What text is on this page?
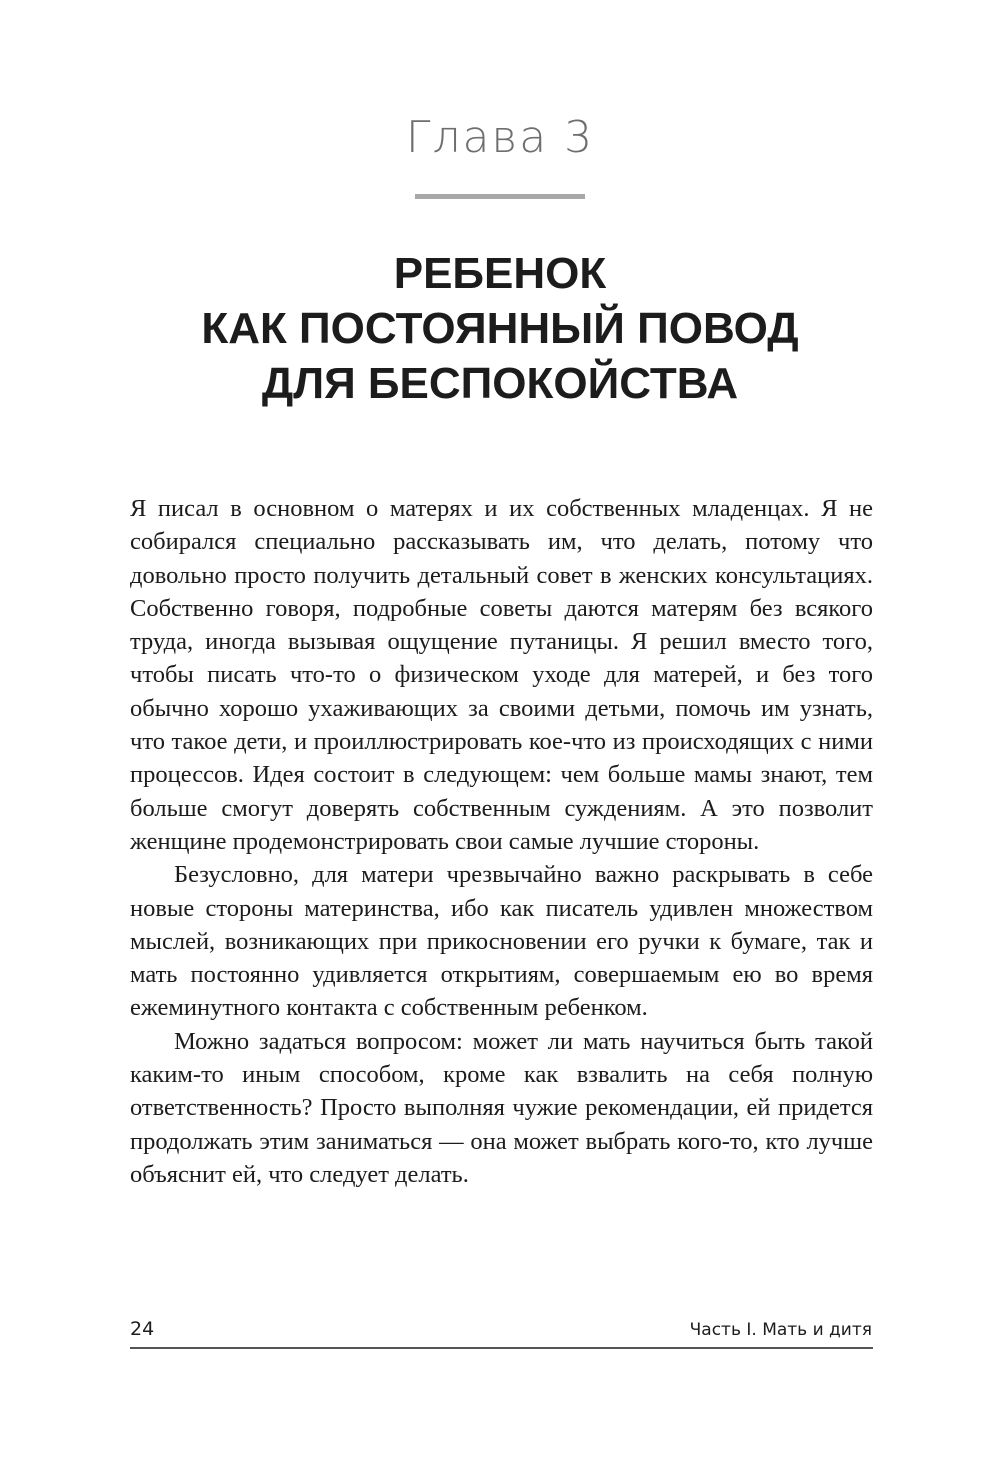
Глава 3
РЕБЕНОК
КАК ПОСТОЯННЫЙ ПОВОД
ДЛЯ БЕСПОКОЙСТВА

Я писал в основном о матерях и их собственных младенцах. Я не собирался специально рассказывать им, что делать, потому что довольно просто получить детальный совет в женских консультациях. Собственно говоря, подробные советы даются матерям без всякого труда, иногда вызывая ощущение путаницы. Я решил вместо того, чтобы писать что-то о физическом уходе для матерей, и без того обычно хорошо ухаживающих за своими детьми, помочь им узнать, что такое дети, и проиллюстрировать кое-что из происходящих с ними процессов. Идея состоит в следующем: чем больше мамы знают, тем больше смогут доверять собственным суждениям. А это позволит женщине продемонстрировать свои самые лучшие стороны.

Безусловно, для матери чрезвычайно важно раскрывать в себе новые стороны материнства, ибо как писатель удивлен множеством мыслей, возникающих при прикосновении его ручки к бумаге, так и мать постоянно удивляется открытиям, совершаемым ею во время ежеминутного контакта с собственным ребенком.

Можно задаться вопросом: может ли мать научиться быть такой каким-то иным способом, кроме как взвалить на себя полную ответственность? Просто выполняя чужие рекомендации, ей придется продолжать этим заниматься — она может выбрать кого-то, кто лучше объяснит ей, что следует делать.

24	Часть I. Мать и дитя
